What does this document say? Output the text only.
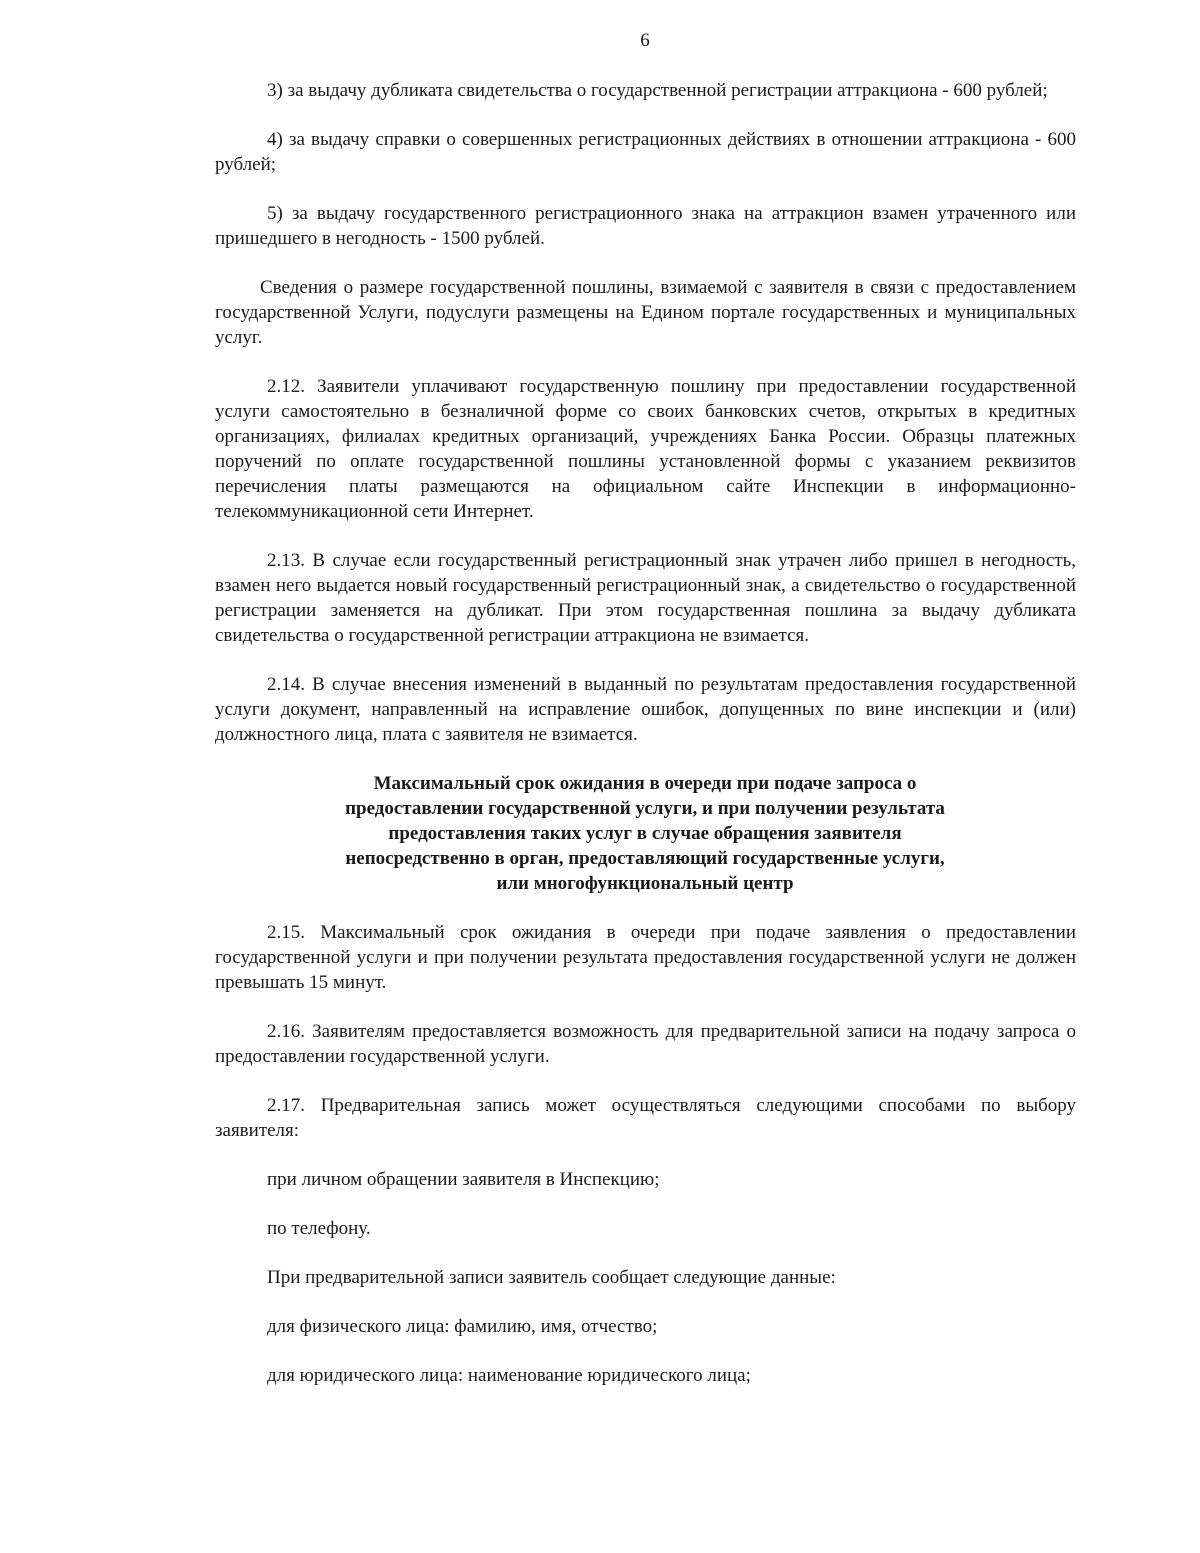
6

3) за выдачу дубликата свидетельства о государственной регистрации аттракциона - 600 рублей;

4) за выдачу справки о совершенных регистрационных действиях в отношении аттракциона - 600 рублей;

5) за выдачу государственного регистрационного знака на аттракцион взамен утраченного или пришедшего в негодность - 1500 рублей.

Сведения о размере государственной пошлины, взимаемой с заявителя в связи с предоставлением государственной Услуги, подуслуги размещены на Едином портале государственных и муниципальных услуг.

2.12. Заявители уплачивают государственную пошлину при предоставлении государственной услуги самостоятельно в безналичной форме со своих банковских счетов, открытых в кредитных организациях, филиалах кредитных организаций, учреждениях Банка России. Образцы платежных поручений по оплате государственной пошлины установленной формы с указанием реквизитов перечисления платы размещаются на официальном сайте Инспекции в информационно-телекоммуникационной сети Интернет.

2.13. В случае если государственный регистрационный знак утрачен либо пришел в негодность, взамен него выдается новый государственный регистрационный знак, а свидетельство о государственной регистрации заменяется на дубликат. При этом государственная пошлина за выдачу дубликата свидетельства о государственной регистрации аттракциона не взимается.

2.14. В случае внесения изменений в выданный по результатам предоставления государственной услуги документ, направленный на исправление ошибок, допущенных по вине инспекции и (или) должностного лица, плата с заявителя не взимается.

Максимальный срок ожидания в очереди при подаче запроса о предоставлении государственной услуги, и при получении результата предоставления таких услуг в случае обращения заявителя непосредственно в орган, предоставляющий государственные услуги, или многофункциональный центр

2.15. Максимальный срок ожидания в очереди при подаче заявления о предоставлении государственной услуги и при получении результата предоставления государственной услуги не должен превышать 15 минут.

2.16. Заявителям предоставляется возможность для предварительной записи на подачу запроса о предоставлении государственной услуги.

2.17. Предварительная запись может осуществляться следующими способами по выбору заявителя:

при личном обращении заявителя в Инспекцию;

по телефону.

При предварительной записи заявитель сообщает следующие данные:

для физического лица: фамилию, имя, отчество;

для юридического лица: наименование юридического лица;
